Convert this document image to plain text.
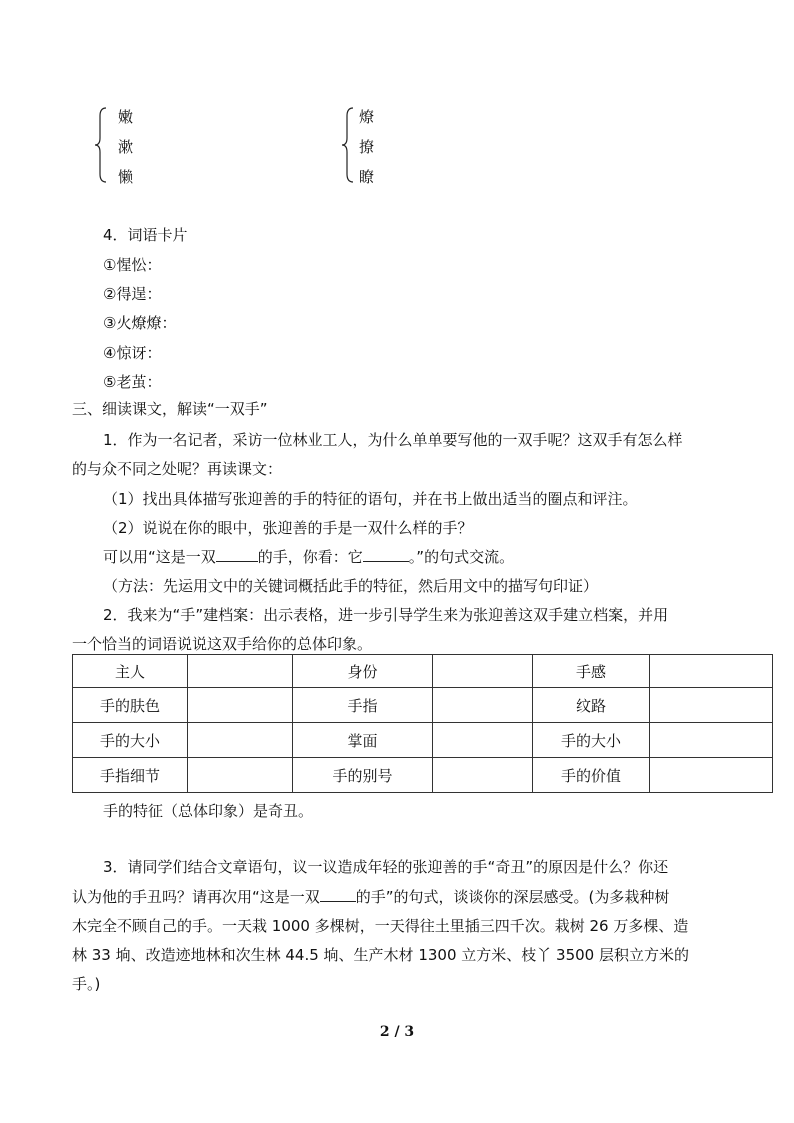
嫩
漱
懒
燎
撩
瞭
4．词语卡片
①惺忪：
②得逞：
③火燎燎：
④惊讶：
⑤老茧：
三、细读课文，解读“一双手”
1．作为一名记者，采访一位林业工人，为什么单单要写他的一双手呢？这双手有怎么样
的与众不同之处呢？再读课文：
（1）找出具体描写张迎善的手的特征的语句，并在书上做出适当的圈点和评注。
（2）说说在你的眼中，张迎善的手是一双什么样的手？
可以用“这是一双	的手，你看：它	。”的句式交流。
（方法：先运用文中的关键词概括此手的特征，然后用文中的描写句印证）
2．我来为“手”建档案：出示表格，进一步引导学生来为张迎善这双手建立档案，并用
一个恰当的词语说说这双手给你的总体印象。
主人		身份		手感	
手的肤色		手指		纹路	
手的大小		掌面		手的大小	
手指细节		手的别号		手的价值	
手的特征（总体印象）是奇丑。
3．请同学们结合文章语句，议一议造成年轻的张迎善的手“奇丑”的原因是什么？你还
认为他的手丑吗？请再次用“这是一双 的手”的句式，谈谈你的深层感受。(为多栽种树
木完全不顾自己的手。一天栽 1000 多棵树，一天得往土里插三四千次。栽树 26 万多棵、造
林 33 垧、改造迹地林和次生林 44.5 垧、生产木材 1300 立方米、枝丫 3500 层积立方米的
手。)
2 / 3
